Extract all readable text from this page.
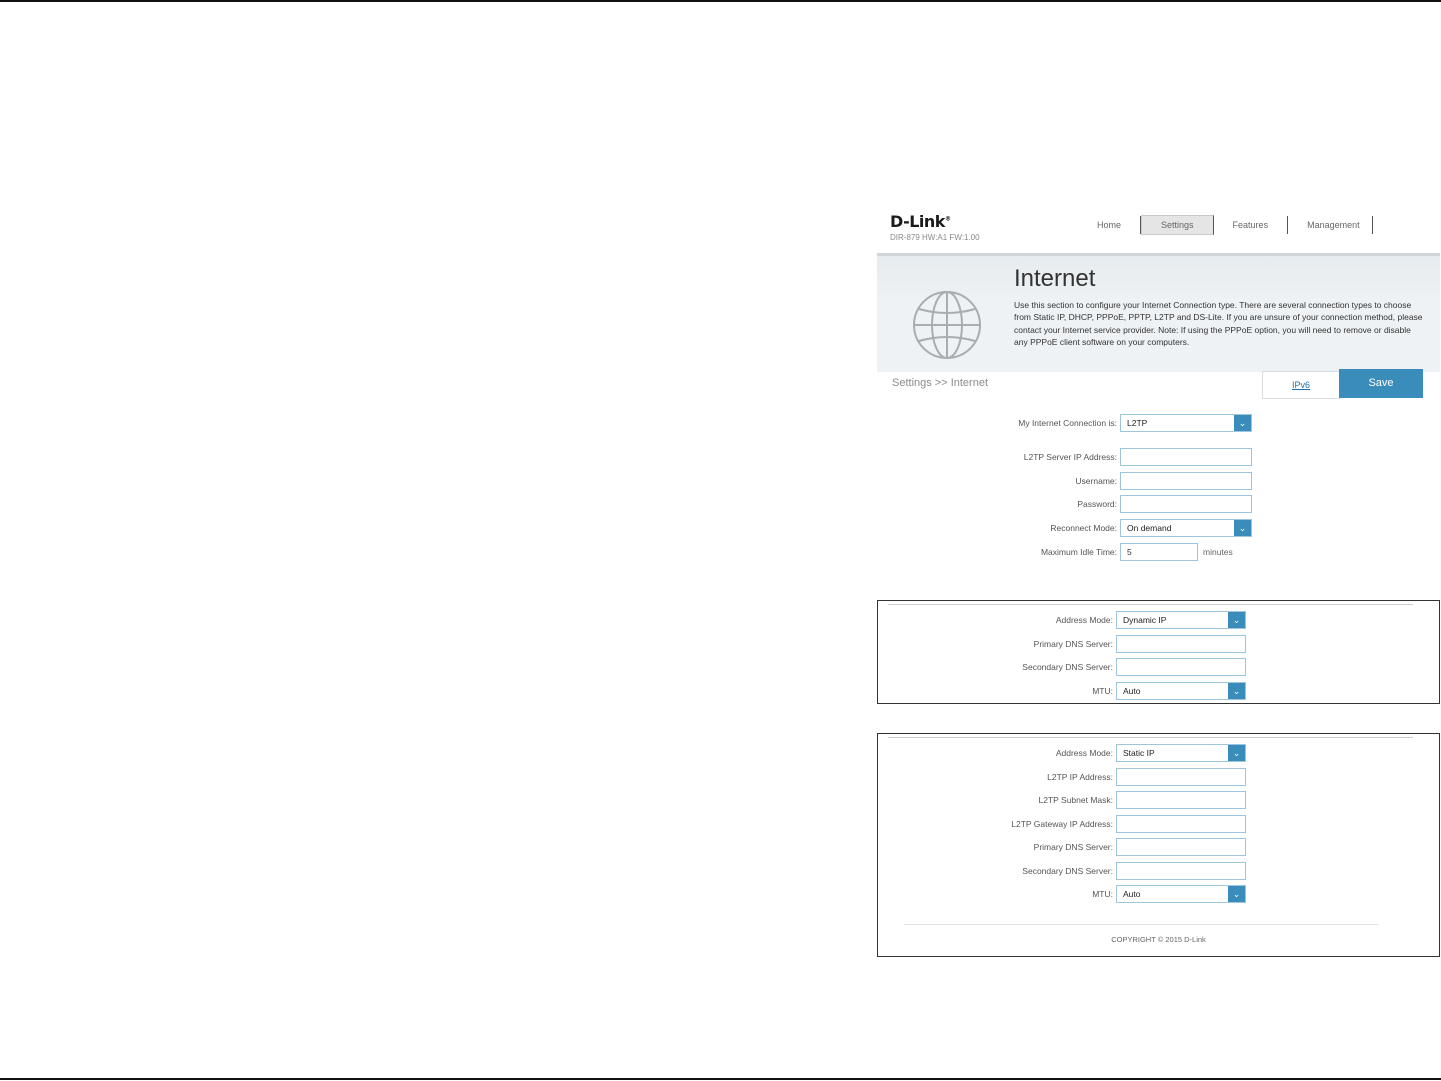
D-Link®
DIR-879 HW:A1 FW:1.00
Home	Settings	Features	Management
Internet
Use this section to configure your Internet Connection type. There are several connection types to choose from Static IP, DHCP, PPPoE, PPTP, L2TP and DS-Lite. If you are unsure of your connection method, please contact your Internet service provider. Note: If using the PPPoE option, you will need to remove or disable any PPPoE client software on your computers.
Settings >> Internet	IPv6	Save
My Internet Connection is:	L2TP	⌄
L2TP Server IP Address:
Username:
Password:
Reconnect Mode:	On demand	⌄
Maximum Idle Time:	5	minutes
Address Mode:	Dynamic IP	⌄
Primary DNS Server:
Secondary DNS Server:
MTU:	Auto	⌄
Address Mode:	Static IP	⌄
L2TP IP Address:
L2TP Subnet Mask:
L2TP Gateway IP Address:
Primary DNS Server:
Secondary DNS Server:
MTU:	Auto	⌄
COPYRIGHT © 2015 D-Link
